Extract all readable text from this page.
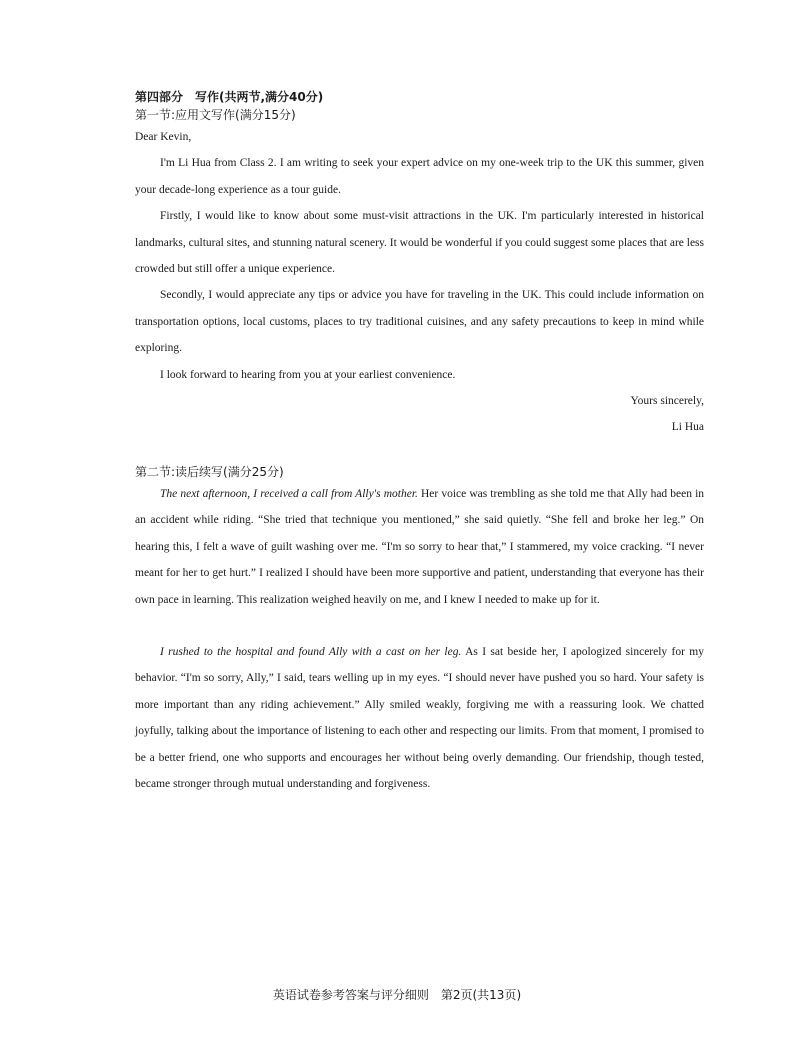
第四部分　写作(共两节,满分40分)

第一节:应用文写作(满分15分)

Dear Kevin,

I'm Li Hua from Class 2. I am writing to seek your expert advice on my one-week trip to the UK this summer, given your decade-long experience as a tour guide.

Firstly, I would like to know about some must-visit attractions in the UK. I'm particularly interested in historical landmarks, cultural sites, and stunning natural scenery. It would be wonderful if you could suggest some places that are less crowded but still offer a unique experience.

Secondly, I would appreciate any tips or advice you have for traveling in the UK. This could include information on transportation options, local customs, places to try traditional cuisines, and any safety precautions to keep in mind while exploring.

I look forward to hearing from you at your earliest convenience.

Yours sincerely,

Li Hua

第二节:读后续写(满分25分)

The next afternoon, I received a call from Ally's mother. Her voice was trembling as she told me that Ally had been in an accident while riding. “She tried that technique you mentioned,” she said quietly. “She fell and broke her leg.” On hearing this, I felt a wave of guilt washing over me. “I'm so sorry to hear that,” I stammered, my voice cracking. “I never meant for her to get hurt.” I realized I should have been more supportive and patient, understanding that everyone has their own pace in learning. This realization weighed heavily on me, and I knew I needed to make up for it.

I rushed to the hospital and found Ally with a cast on her leg. As I sat beside her, I apologized sincerely for my behavior. “I'm so sorry, Ally,” I said, tears welling up in my eyes. “I should never have pushed you so hard. Your safety is more important than any riding achievement.” Ally smiled weakly, forgiving me with a reassuring look. We chatted joyfully, talking about the importance of listening to each other and respecting our limits. From that moment, I promised to be a better friend, one who supports and encourages her without being overly demanding. Our friendship, though tested, became stronger through mutual understanding and forgiveness.

英语试卷参考答案与评分细则　第2页(共13页)
